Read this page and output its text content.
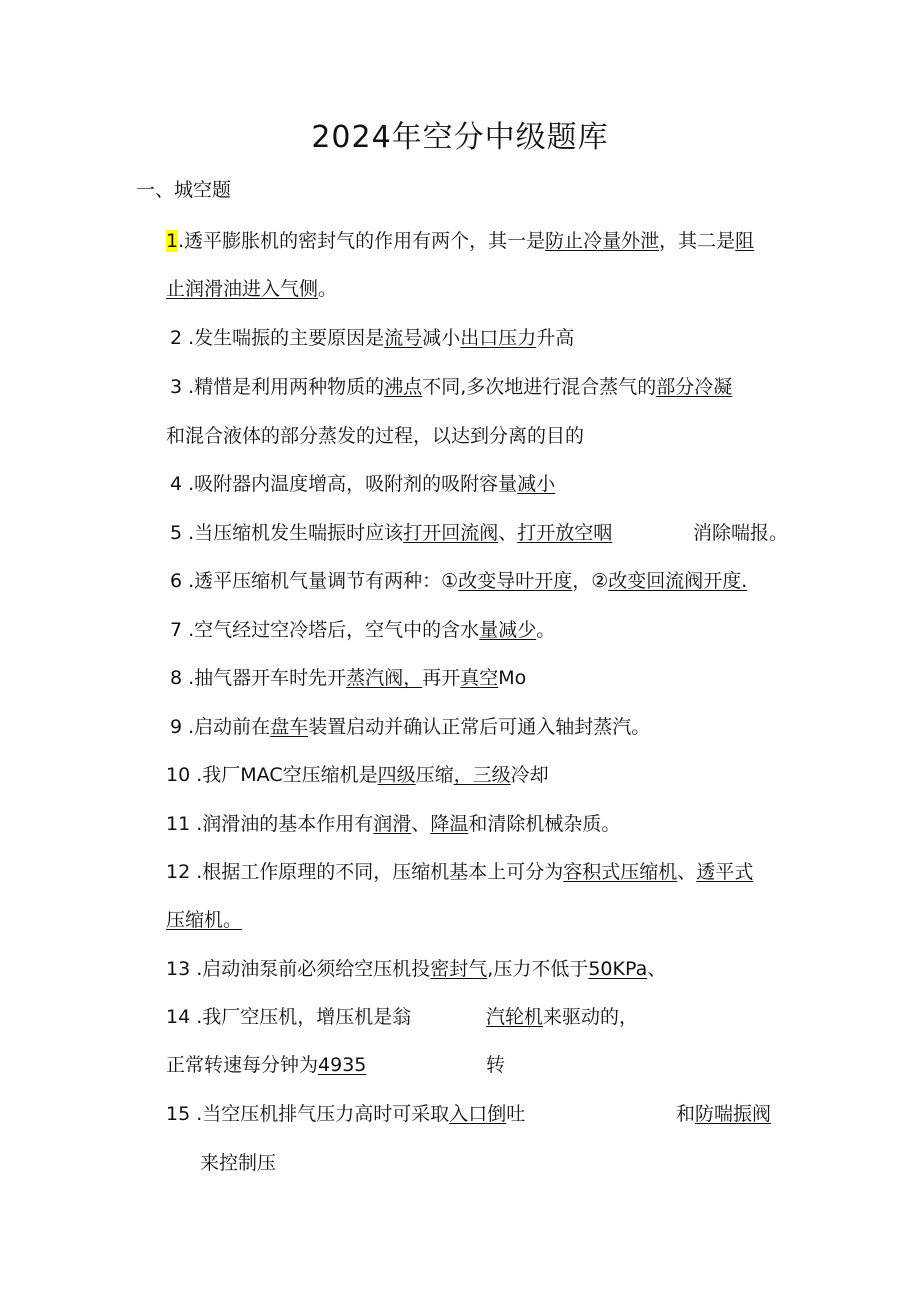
2024年空分中级题库
一、城空题
1.透平膨胀机的密封气的作用有两个，其一是防止冷量外泄，其二是阻
止润滑油进入气侧。
2 .发生喘振的主要原因是流号减小出口压力升高
3 .精惜是利用两种物质的沸点不同,多次地进行混合蒸气的部分冷凝
和混合液体的部分蒸发的过程，以达到分离的目的
4 .吸附器内温度增高，吸附剂的吸附容量减小
5 .当压缩机发生喘振时应该打开回流阀、打开放空咽	消除喘报。
6 .透平压缩机气量调节有两种：①改变导叶开度，②改变回流阀开度.
7 .空气经过空冷塔后，空气中的含水量减少。
8 .抽气器开车时先开蒸汽阀，再开真空Mo
9 .启动前在盘车装置启动并确认正常后可通入轴封蒸汽。
10 .我厂MAC空压缩机是四级压缩，三级冷却
11 .润滑油的基本作用有润滑、降温和清除机械杂质。
12 .根据工作原理的不同，压缩机基本上可分为容积式压缩机、透平式
压缩机。
13 .启动油泵前必须给空压机投密封气,压力不低于50KPa、
14 .我厂空压机，增压机是翁	汽轮机来驱动的，
正常转速每分钟为4935	转
15 .当空压机排气压力高时可采取入口倒吐	和防喘振阀
来控制压
